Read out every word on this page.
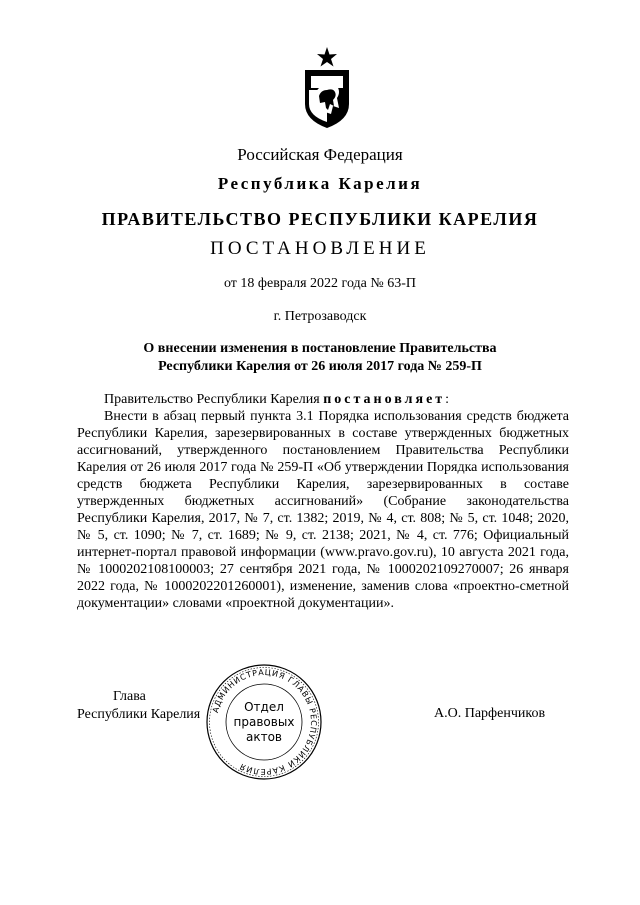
Российская Федерация
Республика Карелия
ПРАВИТЕЛЬСТВО РЕСПУБЛИКИ КАРЕЛИЯ
ПОСТАНОВЛЕНИЕ
от 18 февраля 2022 года № 63-П
г. Петрозаводск
О внесении изменения в постановление Правительства
Республики Карелия от 26 июля 2017 года № 259-П

Правительство Республики Карелия постановляет:

Внести в абзац первый пункта 3.1 Порядка использования средств бюджета Республики Карелия, зарезервированных в составе утвержденных бюджетных ассигнований, утвержденного постановлением Правительства Республики Карелия от 26 июля 2017 года № 259-П «Об утверждении Порядка использования средств бюджета Республики Карелия, зарезервированных в составе утвержденных бюджетных ассигнований» (Собрание законодательства Республики Карелия, 2017, № 7, ст. 1382; 2019, № 4, ст. 808; № 5, ст. 1048; 2020, № 5, ст. 1090; № 7, ст. 1689; № 9, ст. 2138; 2021, № 4, ст. 776; Официальный интернет-портал правовой информации (www.pravo.gov.ru), 10 августа 2021 года, № 1000202108100003; 27 сентября 2021 года, № 1000202109270007; 26 января 2022 года, № 1000202201260001), изменение, заменив слова «проектно-сметной документации» словами «проектной документации».

Глава
Республики Карелия	А.О. Парфенчиков
АДМИНИСТРАЦИЯ ГЛАВЫ РЕСПУБЛИКИ КАРЕЛИЯ
Отдел
правовых
актов
